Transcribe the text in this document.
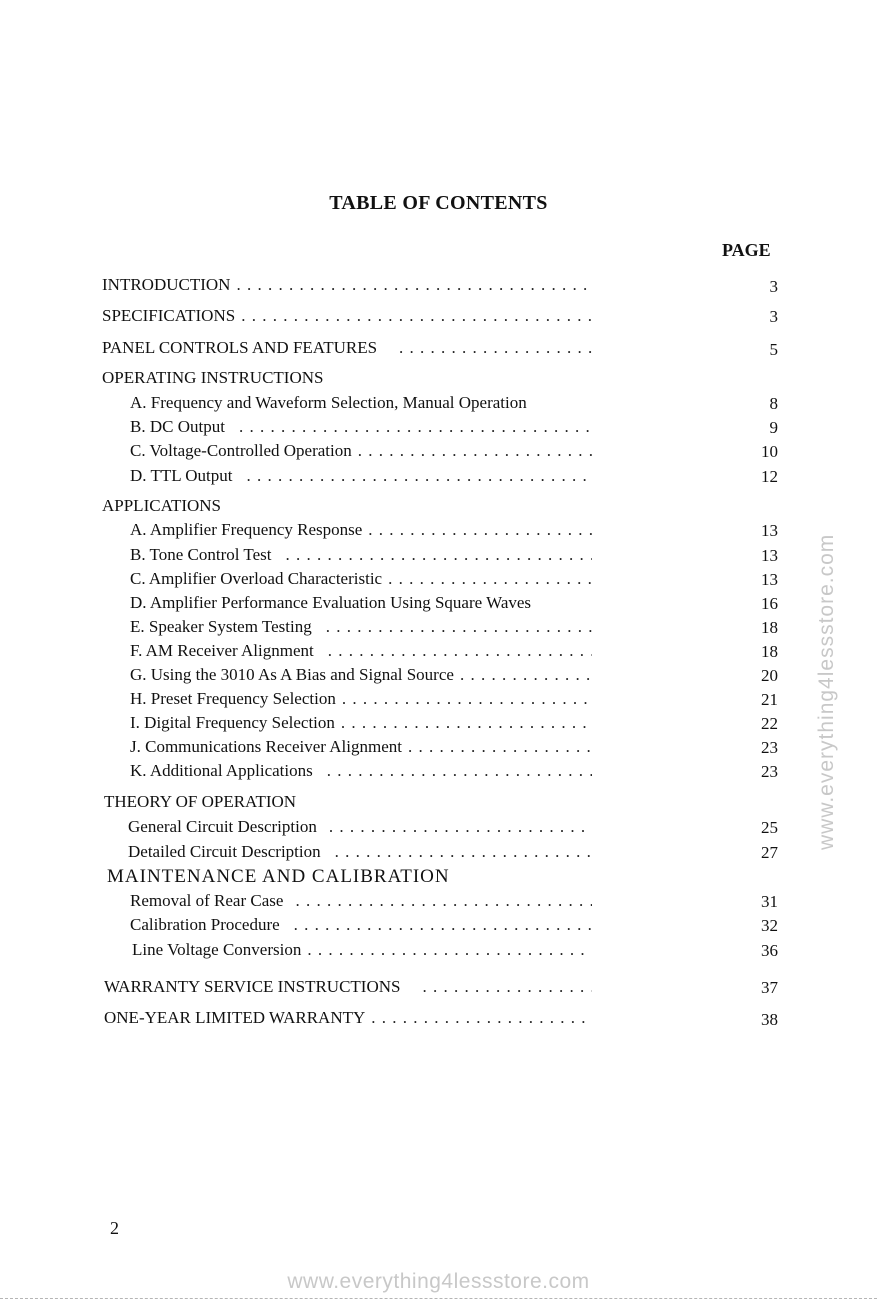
TABLE OF CONTENTS
PAGE
INTRODUCTION . . .	3
SPECIFICATIONS . . .	3
PANEL CONTROLS AND FEATURES . . .	5
OPERATING INSTRUCTIONS
A. Frequency and Waveform Selection, Manual Operation	8
B. DC Output . . .	9
C. Voltage-Controlled Operation . . .	10
D. TTL Output . . .	12
APPLICATIONS
A. Amplifier Frequency Response . . .	13
B. Tone Control Test . . .	13
C. Amplifier Overload Characteristic . . .	13
D. Amplifier Performance Evaluation Using Square Waves	16
E. Speaker System Testing . . .	18
F. AM Receiver Alignment . . .	18
G. Using the 3010 As A Bias and Signal Source . . .	20
H. Preset Frequency Selection . . .	21
I. Digital Frequency Selection . . .	22
J. Communications Receiver Alignment . . .	23
K. Additional Applications . . .	23
THEORY OF OPERATION
General Circuit Description . . .	25
Detailed Circuit Description . . .	27
MAINTENANCE AND CALIBRATION
Removal of Rear Case . . .	31
Calibration Procedure . . .	32
Line Voltage Conversion . . .	36
WARRANTY SERVICE INSTRUCTIONS . . .	37
ONE-YEAR LIMITED WARRANTY . . .	38
2
www.everything4lessstore.com
www.everything4lessstore.com
